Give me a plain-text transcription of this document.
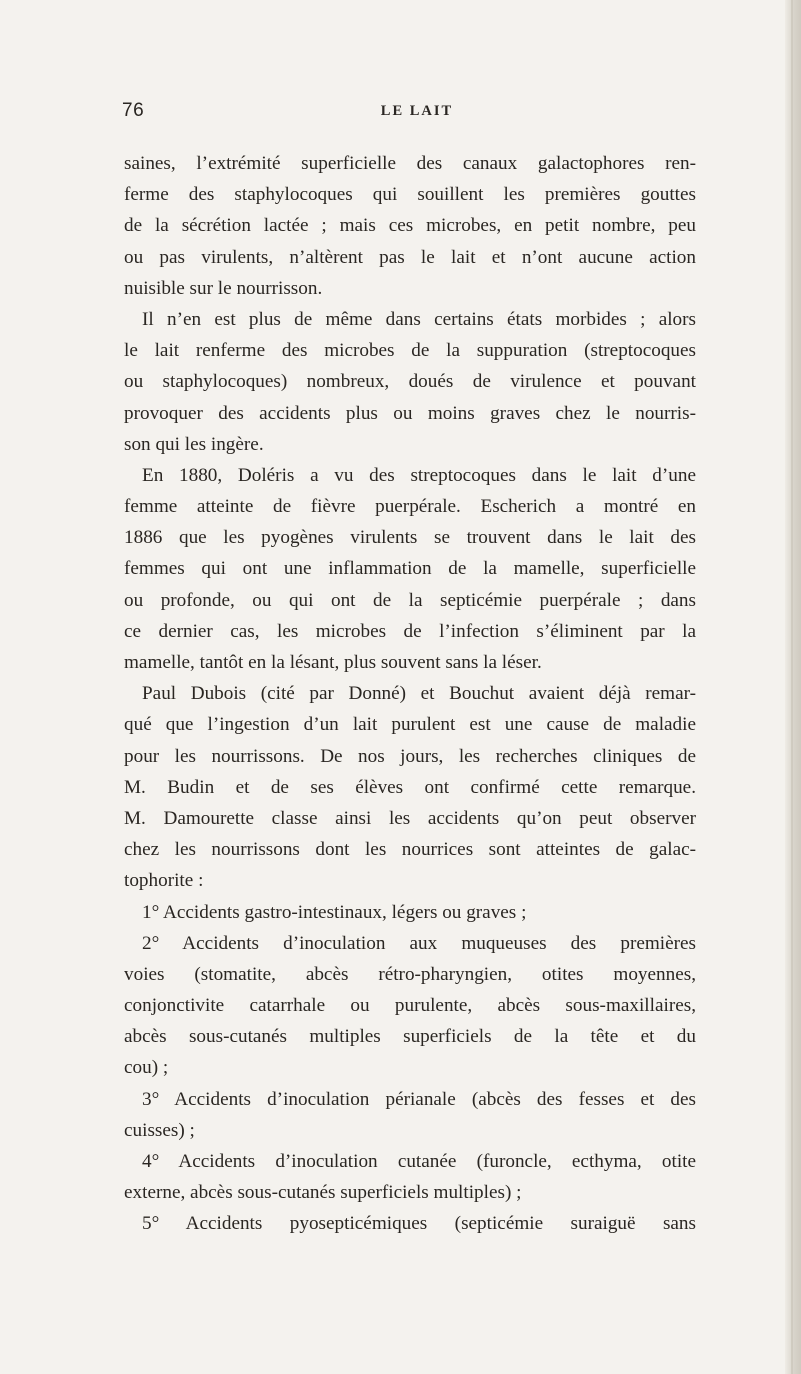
76	LE LAIT
saines, l’extrémité superficielle des canaux galactophores ren-
ferme des staphylocoques qui souillent les premières gouttes
de la sécrétion lactée ; mais ces microbes, en petit nombre, peu
ou pas virulents, n’altèrent pas le lait et n’ont aucune action
nuisible sur le nourrisson.
Il n’en est plus de même dans certains états morbides ; alors
le lait renferme des microbes de la suppuration (streptocoques
ou staphylocoques) nombreux, doués de virulence et pouvant
provoquer des accidents plus ou moins graves chez le nourris-
son qui les ingère.
En 1880, Doléris a vu des streptocoques dans le lait d’une
femme atteinte de fièvre puerpérale. Escherich a montré en
1886 que les pyogènes virulents se trouvent dans le lait des
femmes qui ont une inflammation de la mamelle, superficielle
ou profonde, ou qui ont de la septicémie puerpérale ; dans
ce dernier cas, les microbes de l’infection s’éliminent par la
mamelle, tantôt en la lésant, plus souvent sans la léser.
Paul Dubois (cité par Donné) et Bouchut avaient déjà remar-
qué que l’ingestion d’un lait purulent est une cause de maladie
pour les nourrissons. De nos jours, les recherches cliniques de
M. Budin et de ses élèves ont confirmé cette remarque.
M. Damourette classe ainsi les accidents qu’on peut observer
chez les nourrissons dont les nourrices sont atteintes de galac-
tophorite :
1° Accidents gastro-intestinaux, légers ou graves ;
2° Accidents d’inoculation aux muqueuses des premières
voies (stomatite, abcès rétro-pharyngien, otites moyennes,
conjonctivite catarrhale ou purulente, abcès sous-maxillaires,
abcès sous-cutanés multiples superficiels de la tête et du
cou) ;
3° Accidents d’inoculation périanale (abcès des fesses et des
cuisses) ;
4° Accidents d’inoculation cutanée (furoncle, ecthyma, otite
externe, abcès sous-cutanés superficiels multiples) ;
5° Accidents pyosepticémiques (septicémie suraiguë sans
